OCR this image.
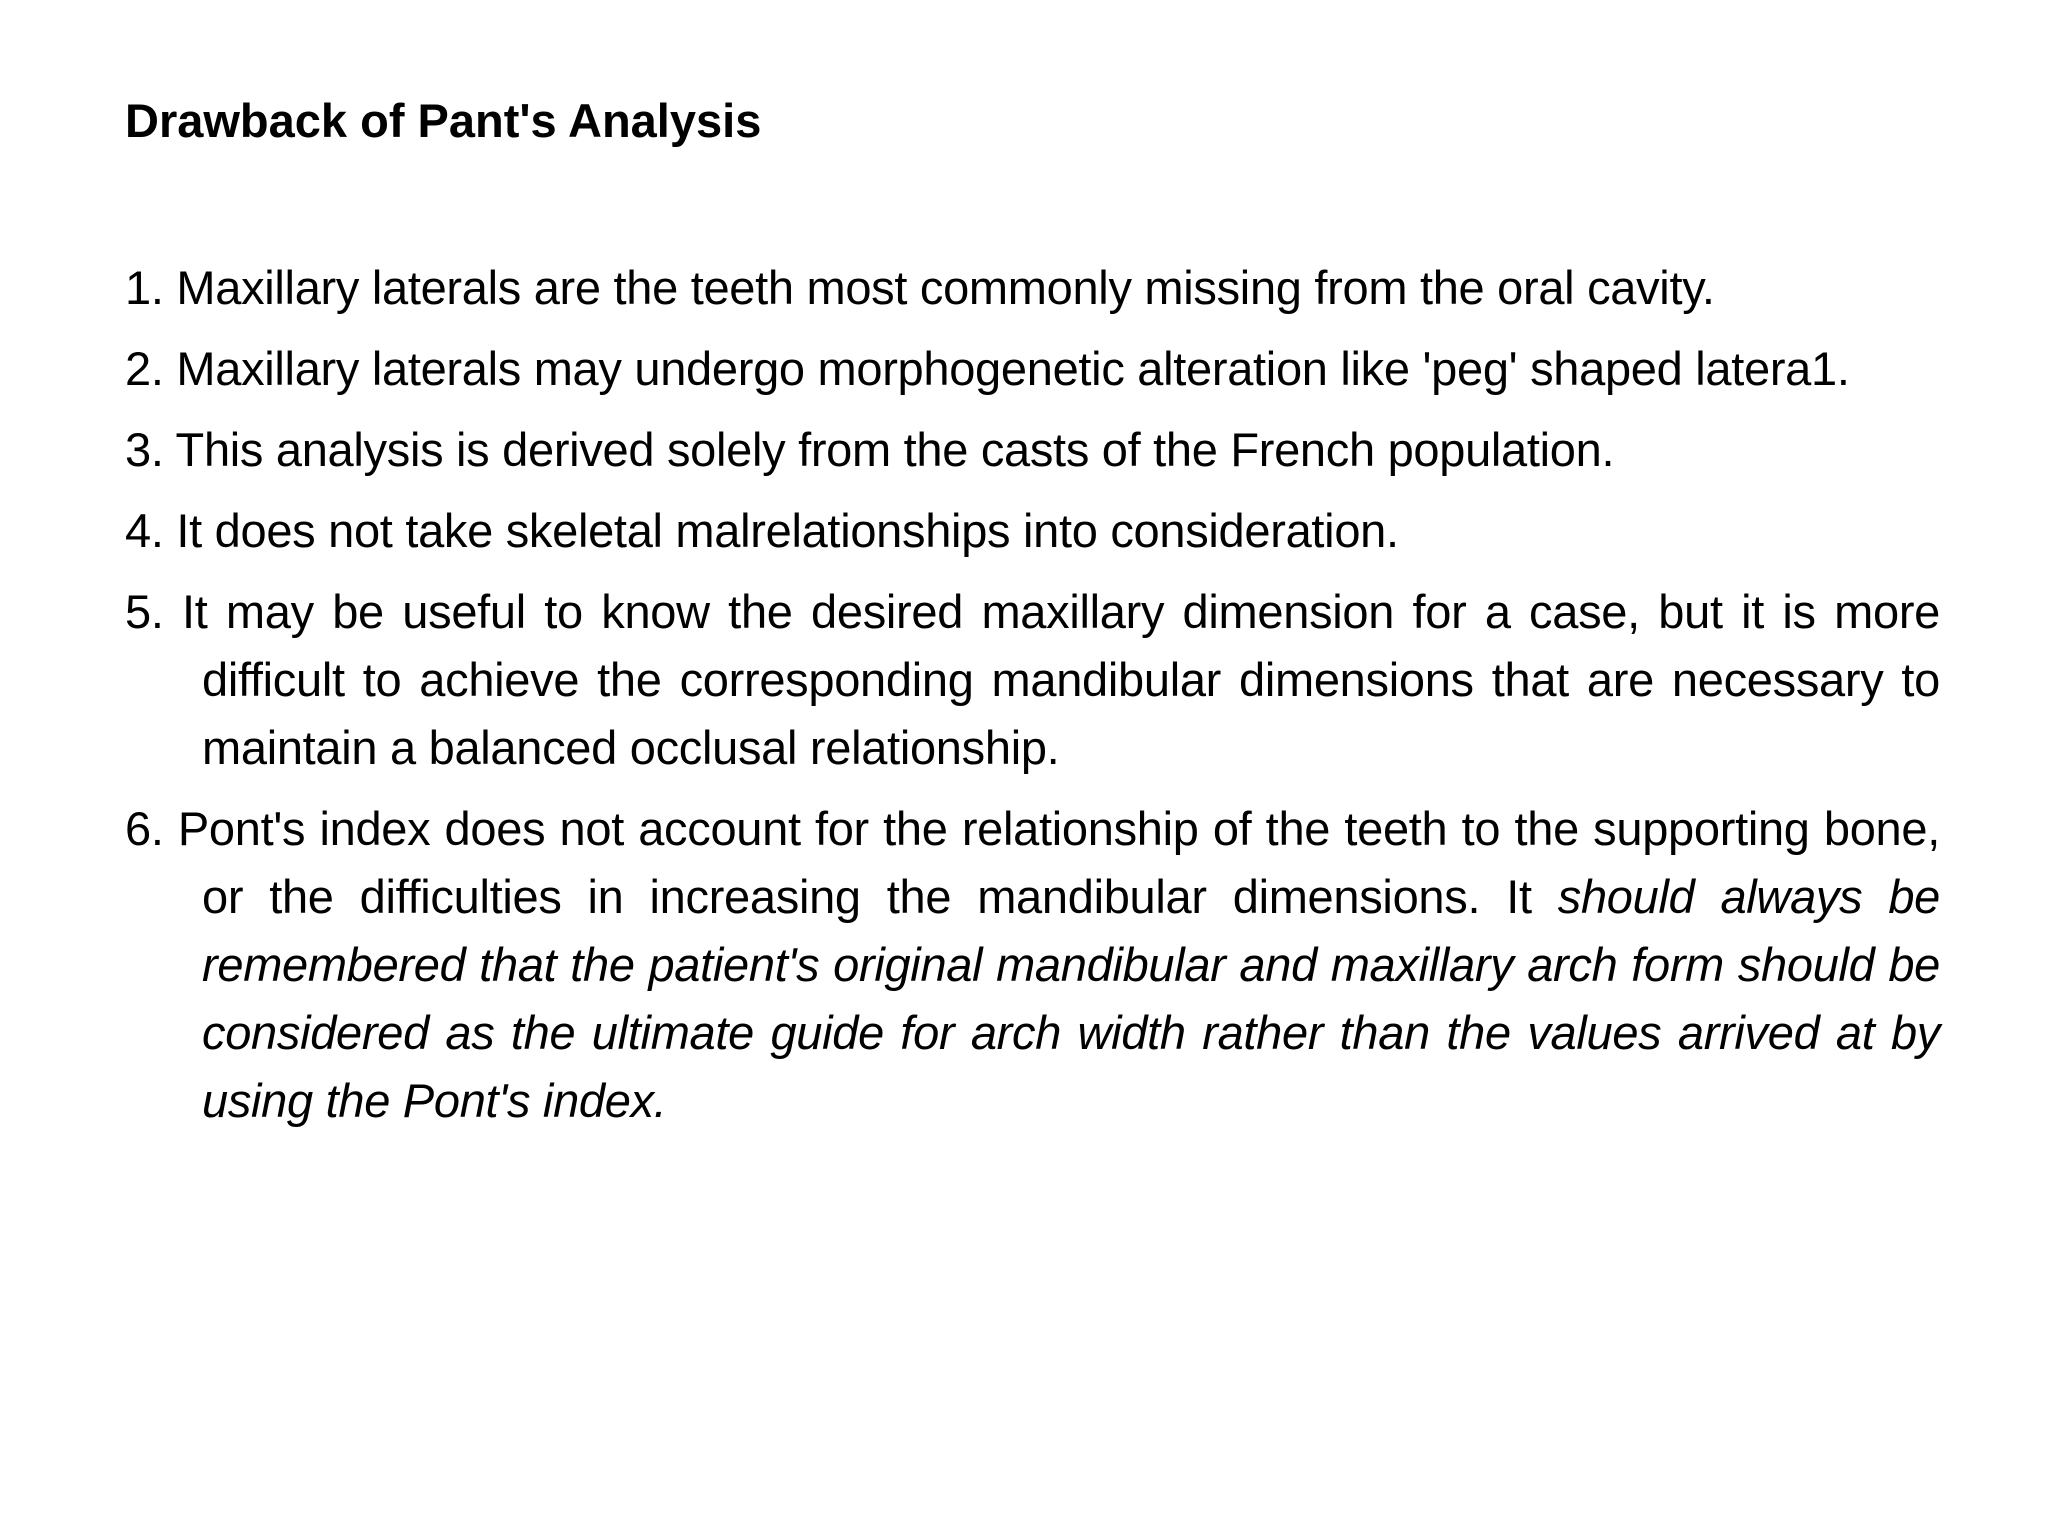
Drawback of Pant's Analysis
1. Maxillary laterals are the teeth most commonly missing from the oral cavity.
2. Maxillary laterals may undergo morphogenetic alteration like 'peg' shaped latera1.
3. This analysis is derived solely from the casts of the French population.
4. It does not take skeletal malrelationships into consideration.
5. It may be useful to know the desired maxillary dimension for a case, but it is more difficult to achieve the corresponding mandibular dimensions that are necessary to maintain a balanced occlusal relationship.
6. Pont's index does not account for the relationship of the teeth to the supporting bone, or the difficulties in increasing the mandibular dimensions. It should always be remembered that the patient's original mandibular and maxillary arch form should be considered as the ultimate guide for arch width rather than the values arrived at by using the Pont's index.
